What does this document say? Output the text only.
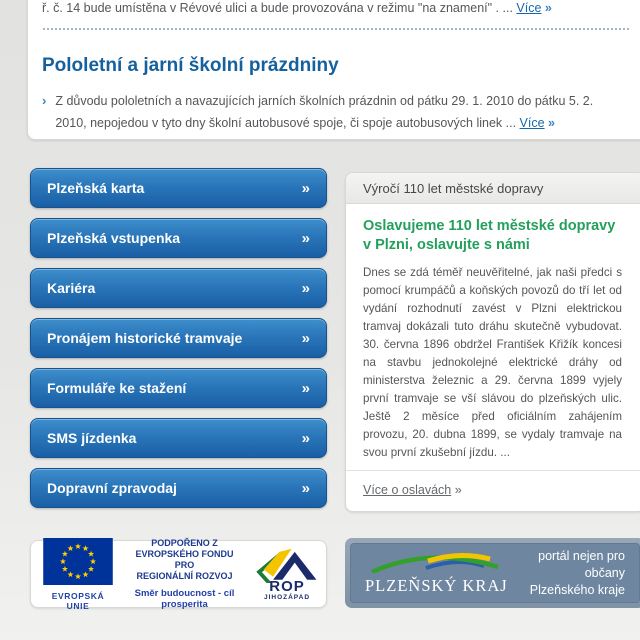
ř. č. 14 bude umístěna v Révové ulici a bude provozována v režimu "na znamení" . ... Více »
Pololetní a jarní školní prázdniny
› Z důvodu pololetních a navazujících jarních školních prázdnin od pátku 29. 1. 2010 do pátku 5. 2. 2010, nepojedou v tyto dny školní autobusové spoje, či spoje autobusových linek ... Více »
Plzeňská karta	»
Plzeňská vstupenka	»
Kariéra	»
Pronájem historické tramvaje	»
Formuláře ke stažení	»
SMS jízdenka	»
Dopravní zpravodaj	»
Výročí 110 let městské dopravy
Oslavujeme 110 let městské dopravy v Plzni, oslavujte s námi

Dnes se zdá téměř neuvěřitelné, jak naši předci s pomocí krumpáčů a koňských povozů do tří let od vydání rozhodnutí zavést v Plzni elektrickou tramvaj dokázali tuto dráhu skutečně vybudovat. 30. června 1896 obdržel František Křižík koncesi na stavbu jednokolejné elektrické dráhy od ministerstva železnic a 29. června 1899 vyjely první tramvaje se vší slávou do plzeňských ulic. Ještě 2 měsíce před oficiálním zahájením provozu, 20. dubna 1899, se vydaly tramvaje na svou první zkušební jízdu. ...

Více o oslavách »
EVROPSKÁ UNIE
PODPOŘENO Z EVROPSKÉHO FONDU
PRO
REGIONÁLNÍ ROZVOJ
Směr budoucnost - cíl prosperita
ROP
JIHOZÁPAD
PLZEŇSKÝ KRAJ
portál nejen pro občany
Plzeňského kraje
